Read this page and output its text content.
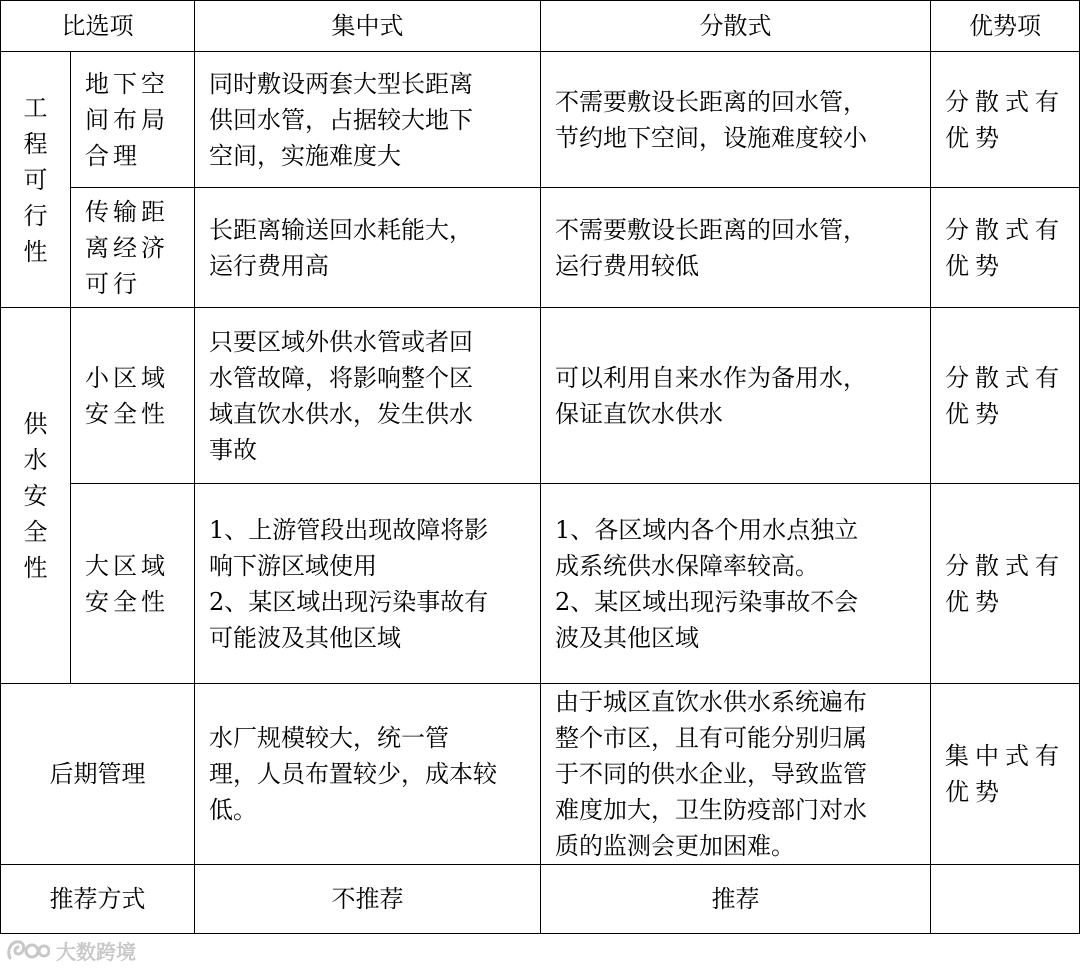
比选项		集中式	分散式	优势项

工
程
可
行
性	地下空
间布局
合理	同时敷设两套大型长距离
供回水管，占据较大地下
空间，实施难度大	不需要敷设长距离的回水管，
节约地下空间，设施难度较小	分散式有
优势

	传输距
离经济
可行	长距离输送回水耗能大，
运行费用高	不需要敷设长距离的回水管，
运行费用较低	分散式有
优势

供
水
安
全
性	小区域
安全性	只要区域外供水管或者回
水管故障，将影响整个区
域直饮水供水，发生供水
事故	可以利用自来水作为备用水，
保证直饮水供水	分散式有
优势

	大区域
安全性	1、上游管段出现故障将影
响下游区域使用
2、某区域出现污染事故有
可能波及其他区域	1、各区域内各个用水点独立
成系统供水保障率较高。
2、某区域出现污染事故不会
波及其他区域	分散式有
优势

后期管理		水厂规模较大，统一管
理，人员布置较少，成本较
低。	由于城区直饮水供水系统遍布
整个市区，且有可能分别归属
于不同的供水企业，导致监管
难度加大，卫生防疫部门对水
质的监测会更加困难。	集中式有
优势

推荐方式		不推荐	推荐	
大数跨境
